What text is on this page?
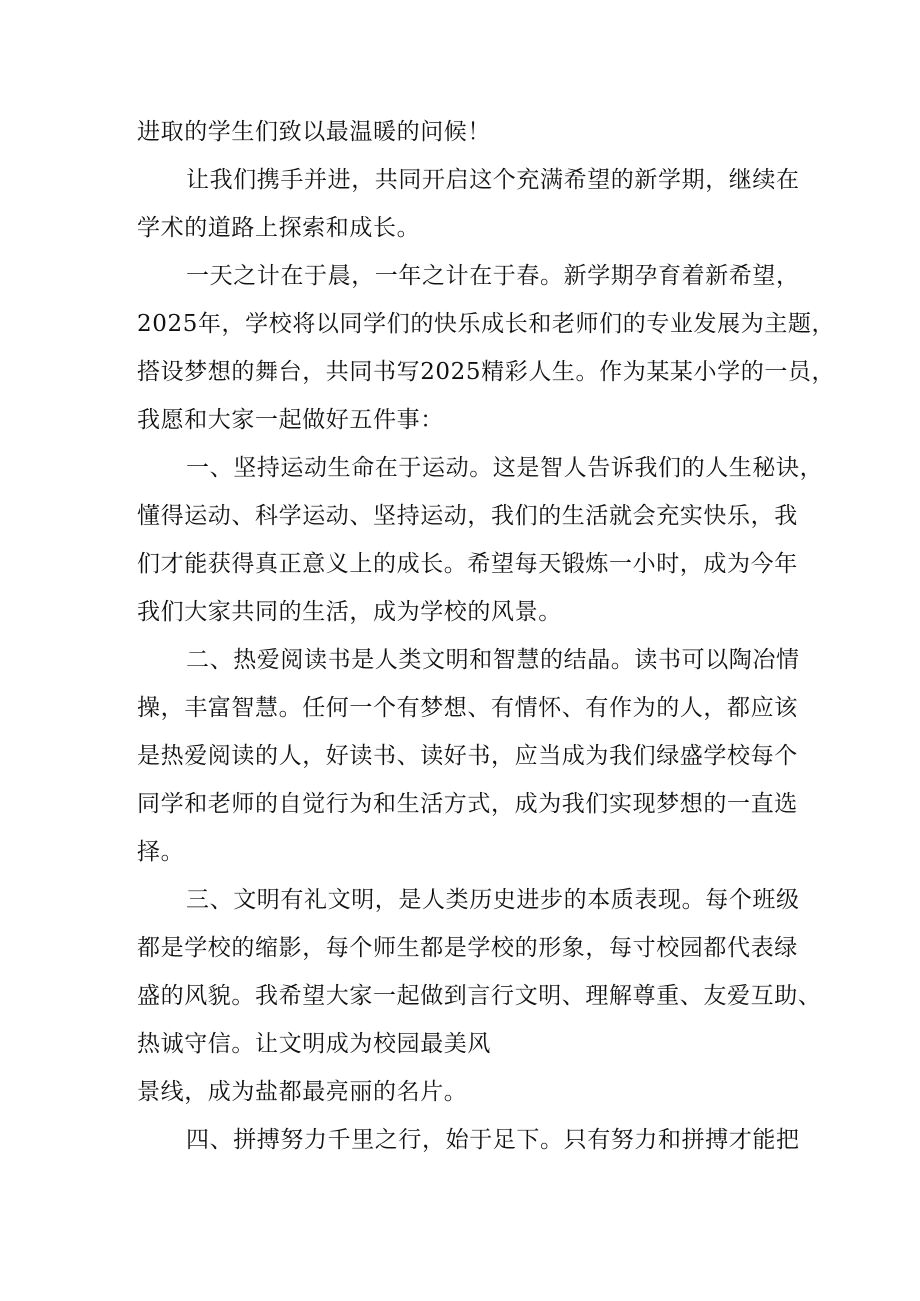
进取的学生们致以最温暖的问候！

让我们携手并进，共同开启这个充满希望的新学期，继续在

学术的道路上探索和成长。

一天之计在于晨，一年之计在于春。新学期孕育着新希望，

2025年，学校将以同学们的快乐成长和老师们的专业发展为主题，

搭设梦想的舞台，共同书写2025精彩人生。作为某某小学的一员，

我愿和大家一起做好五件事：

一、坚持运动生命在于运动。这是智人告诉我们的人生秘诀，

懂得运动、科学运动、坚持运动，我们的生活就会充实快乐，我

们才能获得真正意义上的成长。希望每天锻炼一小时，成为今年

我们大家共同的生活，成为学校的风景。

二、热爱阅读书是人类文明和智慧的结晶。读书可以陶冶情

操，丰富智慧。任何一个有梦想、有情怀、有作为的人，都应该

是热爱阅读的人，好读书、读好书，应当成为我们绿盛学校每个

同学和老师的自觉行为和生活方式，成为我们实现梦想的一直选

择。

三、文明有礼文明，是人类历史进步的本质表现。每个班级

都是学校的缩影，每个师生都是学校的形象，每寸校园都代表绿

盛的风貌。我希望大家一起做到言行文明、理解尊重、友爱互助、

热诚守信。让文明成为校园最美风

景线，成为盐都最亮丽的名片。

四、拼搏努力千里之行，始于足下。只有努力和拼搏才能把
